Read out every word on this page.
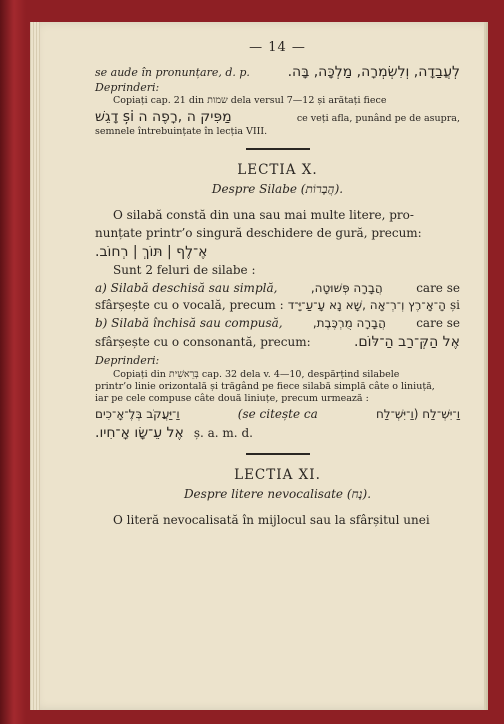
— 14 —
se aude în pronunțare, d. p.	לְעֲבַדָה, וְלִשְׂמְרָה, מַלְכָּה, בָּה.
Deprinderi:
Copiați cap. 21 din שמות dela versul 7—12 și arătați fiece
מַפִּיק ה ,רָפֶה ה și דָגֵשׁ	ce veți afla, punând pe de asupra,
semnele întrebuințate în lecția VIII.
LECTIA X.
Despre Silabe (הֲבָרוֹת).
O silabă constă din una sau mai multe litere, pro-
nunțate printr’o singură deschidere de gură, precum:
אֶ־לֶף | תּוֹךְ | רְחוֹב.
Sunt 2 feluri de silabe :
a) Silabă deschisă sau simplă,	הֲבָרָה פְּשׁוּטָה,	care se
sfârșește cu o vocală, precum : הָ־אָ־רֶץ וְ־רְ־אָה ,שָׁא נָא עָ־עַ־יָּ־ד și
b) Silabă închisă sau compusă,	הֲבָרָה מֻרְכֶּבֶת,	care se
sfârșește cu o consonantă, precum:	אֶל הַקְּ־רַב הַ־לּוֹם.
Deprinderi:
Copiați din בְּרֵאשִׁית cap. 32 dela v. 4—10, despărțind silabele
printr’o linie orizontală și trăgând pe fiece silabă simplă câte o liniuță,
iar pe cele compuse câte două liniuțe, precum urmează :
וַ־יַּעֲקֹב בְּלֶ־אָ־כִים	(se citește ca	וַ־יִּשְׁ־לַח (וַ־יִּשְׁ־לַח
אֶל עֵ־שָׂו אָ־חִיו. ș. a. m. d.
LECTIA XI.
Despre litere nevocalisate (נָח).
O literă nevocalisată în mijlocul sau la sfârșitul unei
